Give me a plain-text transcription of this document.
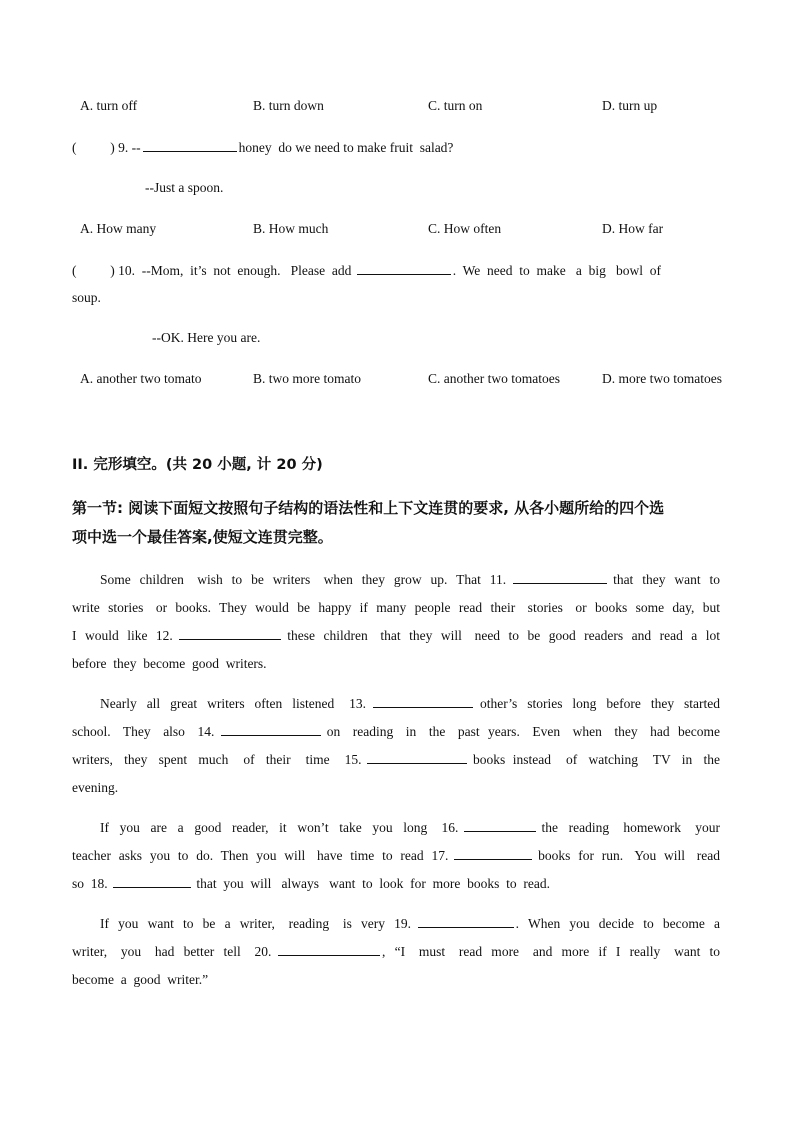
A. turn off	B. turn down	C. turn on	D. turn up
(          ) 9. --	honey  do we need to make fruit  salad?
--Just a spoon.
A. How many	B. How much	C. How often	D. How far
(          ) 10.  --Mom,  it’s  not  enough.   Please  add	.  We  need  to  make   a  big   bowl  of
soup.
--OK. Here you are.
A. another two tomato	B. two more tomato	C. another two tomatoes	D. more two tomatoes
II. 完形填空。(共 20 小题, 计 20 分)
第一节: 阅读下面短文按照句子结构的语法性和上下文连贯的要求, 从各小题所给的四个选
项中选一个最佳答案,使短文连贯完整。
Some  children   wish  to  be  writers   when  they  grow  up.  That  11.	that  they  want  to
write  stories   or  books.  They  would  be  happy  if  many  people  read  their   stories   or  books  some  day,  but
I  would  like  12.	these  children   that  they  will   need  to  be  good  readers  and  read  a  lot
before  they  become  good  writers.
Nearly  all  great  writers  often  listened   13.	other’s  stories  long  before  they  started
school.   They   also   14.	on   reading   in   the   past  years.   Even   when   they   had  become
writers,   they   spent   much    of   their    time    15.	books  instead    of   watching    TV   in   the
evening.
If   you   are   a   good   reader,   it   won’t   take   you   long    16.	the   reading    homework    your
teacher  asks  you  to  do.  Then  you  will   have  time  to  read  17.	books  for  run.   You  will   read
so  18.	that  you  will   always   want  to  look  for  more  books  to  read.
If  you  want  to  be  a  writer,   reading   is  very  19.	.  When  you  decide  to  become  a
writer,   you   had  better  tell   20.	,  “I   must   read  more   and  more  if  I  really   want  to
become  a  good  writer.”
